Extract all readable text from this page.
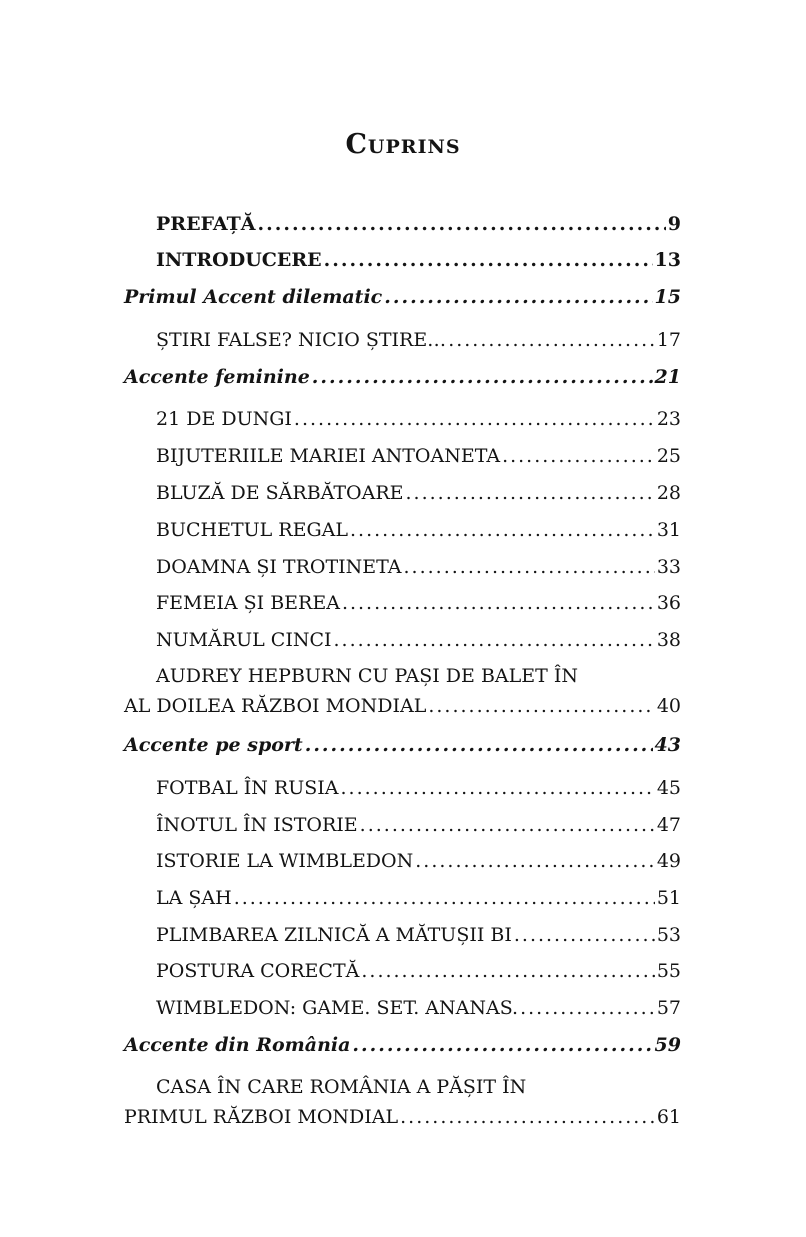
Cuprins
PREFAȚĂ .....	9
INTRODUCERE .....	13
Primul Accent dilematic .....	15
ȘTIRI FALSE? NICIO ȘTIRE… .....	17
Accente feminine .....	21
21 DE DUNGI .....	23
BIJUTERIILE MARIEI ANTOANETA .....	25
BLUZĂ DE SĂRBĂTOARE .....	28
BUCHETUL REGAL .....	31
DOAMNA ȘI TROTINETA .....	33
FEMEIA ȘI BEREA .....	36
NUMĂRUL CINCI .....	38
AUDREY HEPBURN CU PAȘI DE BALET ÎN
AL DOILEA RĂZBOI MONDIAL .....	40
Accente pe sport .....	43
FOTBAL ÎN RUSIA .....	45
ÎNOTUL ÎN ISTORIE .....	47
ISTORIE LA WIMBLEDON .....	49
LA ȘAH .....	51
PLIMBAREA ZILNICĂ A MĂTUȘII BI .....	53
POSTURA CORECTĂ .....	55
WIMBLEDON: GAME. SET. ANANAS. .....	57
Accente din România .....	59
CASA ÎN CARE ROMÂNIA A PĂȘIT ÎN
PRIMUL RĂZBOI MONDIAL .....	61
